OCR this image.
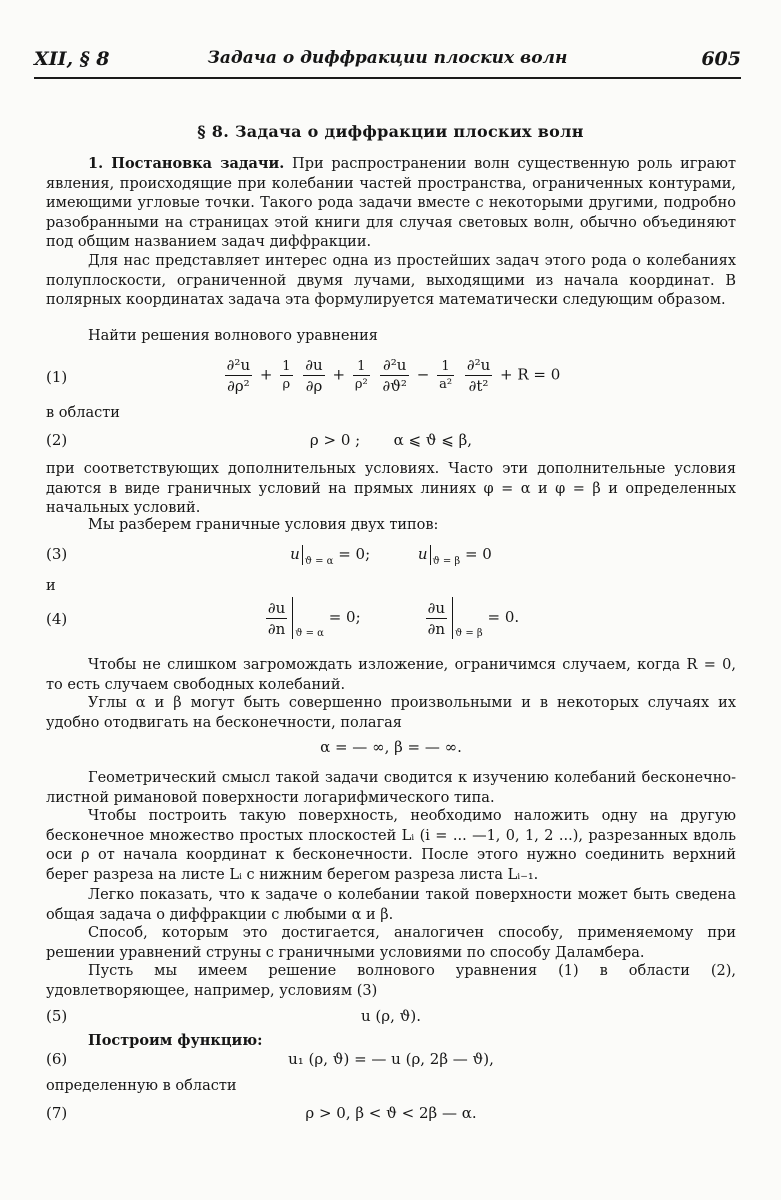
XII, § 8	Задача о диффракции плоских волн	605
§ 8. Задача о диффракции плоских волн
1. Постановка задачи. При распространении волн существенную роль играют явления, происходящие при колебании частей пространства, ограниченных контурами, имеющими угловые точки. Такого рода задачи вместе с некоторыми другими, подробно разобранными на страницах этой книги для случая световых волн, обычно объединяют под общим названием задач диффракции.
Для нас представляет интерес одна из простейших задач этого рода о колебаниях полуплоскости, ограниченной двумя лучами, выходящими из начала координат. В полярных координатах задача эта формулируется математически следующим образом.
Найти решения волнового уравнения
(1)	$\frac{\text{∂²u}}{\text{∂ρ²}} + \frac{1}{\rho}$
$\frac{\partial u}{\partial\rho} + \frac{1}{\text{ρ²}}$
$\frac{\text{∂²u}}{\text{∂ϑ²}} - \frac{1}{\text{a²}}$
$\frac{\text{∂²u}}{\text{∂t²}} + R = 0$
в области
(2)	ρ > 0 ; α ⩽ ϑ ⩽ β,
при соответствующих дополнительных условиях. Часто эти дополнительные условия даются в виде граничных условий на прямых линиях φ = α и φ = β и определенных начальных условий.
Мы разберем граничные условия двух типов:
(3)	u $_{ϑ = \alpha}$ = 0;	u $_{ϑ = \beta}$ = 0
и
(4)	$\frac{\partial u}{\partial n} _{ϑ = \alpha} = 0$;	$\frac{\partial u}{\partial n} _{ϑ = \beta} = 0$.
Чтобы не слишком загромождать изложение, ограничимся случаем, когда R = 0, то есть случаем свободных колебаний.
Углы α и β могут быть совершенно произвольными и в некоторых случаях их удобно отодвигать на бесконечности, полагая
α = — ∞, β = — ∞.
Геометрический смысл такой задачи сводится к изучению колебаний бесконечно-листной римановой поверхности логарифмического типа.
Чтобы построить такую поверхность, необходимо наложить одну на другую бесконечное множество простых плоскостей Lᵢ (i = ... —1, 0, 1, 2 ...), разрезанных вдоль оси ρ от начала координат к бесконечности. После этого нужно соединить верхний берег разреза на листе Lᵢ с нижним берегом разреза листа Lᵢ₋₁.
Легко показать, что к задаче о колебании такой поверхности может быть сведена общая задача о диффракции с любыми α и β.
Способ, которым это достигается, аналогичен способу, применяемому при решении уравнений струны с граничными условиями по способу Даламбера.
Пусть мы имеем решение волнового уравнения (1) в области (2), удовлетворяющее, например, условиям (3)
(5)	u (ρ, ϑ).
Построим функцию:
(6)	u₁ (ρ, ϑ) = — u (ρ, 2β — ϑ),
определенную в области
(7)	ρ > 0, β < ϑ < 2β — α.
